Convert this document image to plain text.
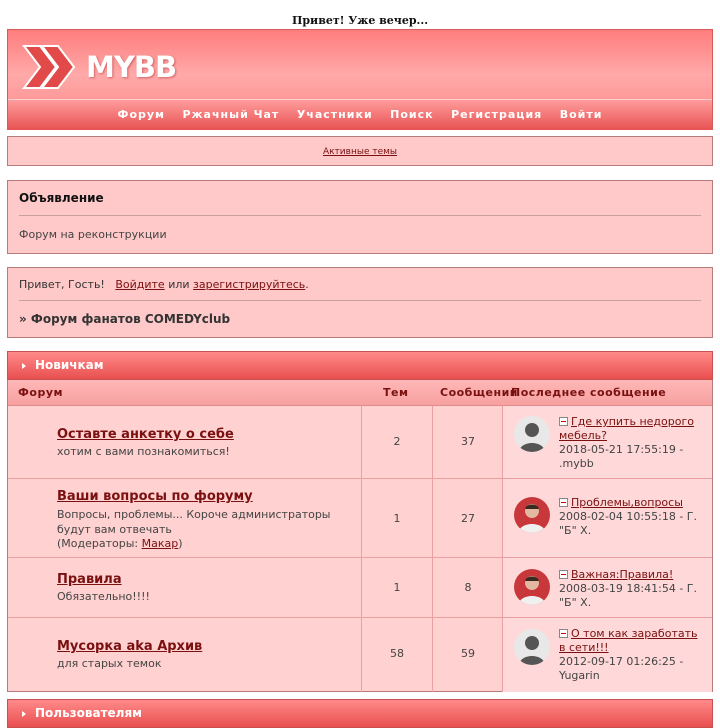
Привет! Уже вечер...
MYBB
Форум Ржачный Чат Участники Поиск Регистрация Войти
Активные темы
Объявление
Форум на реконструкции
Привет, Гость! Войдите или зарегистрируйтесь.
» Форум фанатов COMEDYclub
Новичкам
Форум	Тем	Сообщений
Последнее сообщение
Оставте анкетку о себе
хотим с вами познакомиться!
2	37
Где купить недорого мебель?
2018-05-21 17:55:19 - .mybb
Ваши вопросы по форуму
Вопросы, проблемы... Короче администраторы будут вам отвечать
(Модераторы: Макар)
1	27
Проблемы,вопросы
2008-02-04 10:55:18 - Г. "Б" Х.
Правила
Обязательно!!!!
1	8
Важная:Правила!
2008-03-19 18:41:54 - Г. "Б" Х.
Мусорка aka Архив
для старых темок
58	59
О том как заработать в сети!!!
2012-09-17 01:26:25 - Yugarin
Пользователям
